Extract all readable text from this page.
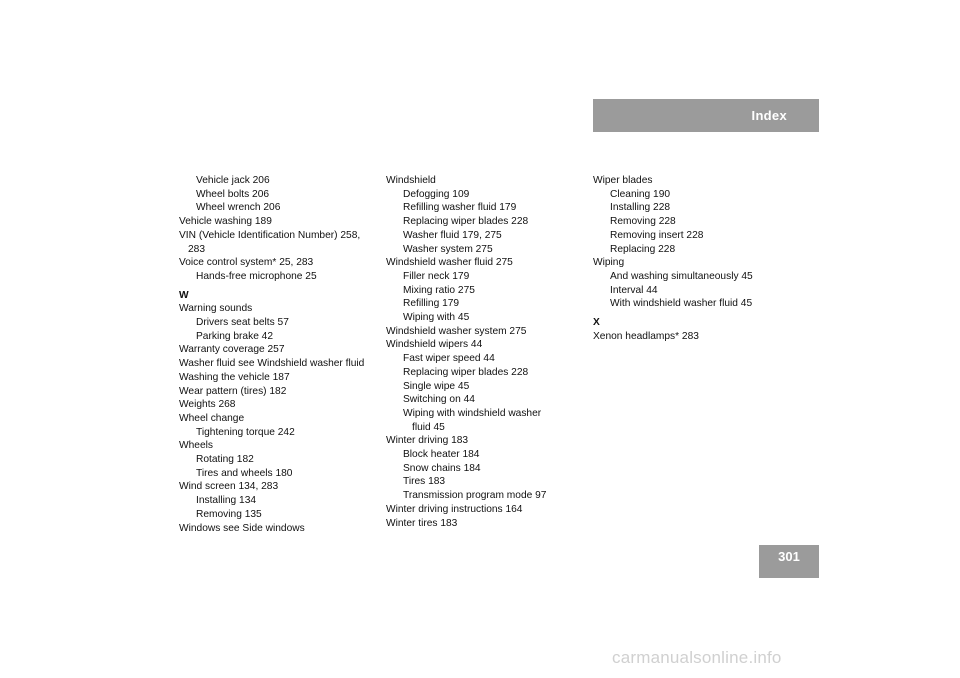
Index
Vehicle jack 206
Wheel bolts 206
Wheel wrench 206
Vehicle washing 189
VIN (Vehicle Identification Number) 258,
283
Voice control system* 25, 283
Hands-free microphone 25
W
Warning sounds
Drivers seat belts 57
Parking brake 42
Warranty coverage 257
Washer fluid see Windshield washer fluid
Washing the vehicle 187
Wear pattern (tires) 182
Weights 268
Wheel change
Tightening torque 242
Wheels
Rotating 182
Tires and wheels 180
Wind screen 134, 283
Installing 134
Removing 135
Windows see Side windows
Windshield
Defogging 109
Refilling washer fluid 179
Replacing wiper blades 228
Washer fluid 179, 275
Washer system 275
Windshield washer fluid 275
Filler neck 179
Mixing ratio 275
Refilling 179
Wiping with 45
Windshield washer system 275
Windshield wipers 44
Fast wiper speed 44
Replacing wiper blades 228
Single wipe 45
Switching on 44
Wiping with windshield washer
fluid 45
Winter driving 183
Block heater 184
Snow chains 184
Tires 183
Transmission program mode 97
Winter driving instructions 164
Winter tires 183
Wiper blades
Cleaning 190
Installing 228
Removing 228
Removing insert 228
Replacing 228
Wiping
And washing simultaneously 45
Interval 44
With windshield washer fluid 45
X
Xenon headlamps* 283
301
carmanualsonline.info
